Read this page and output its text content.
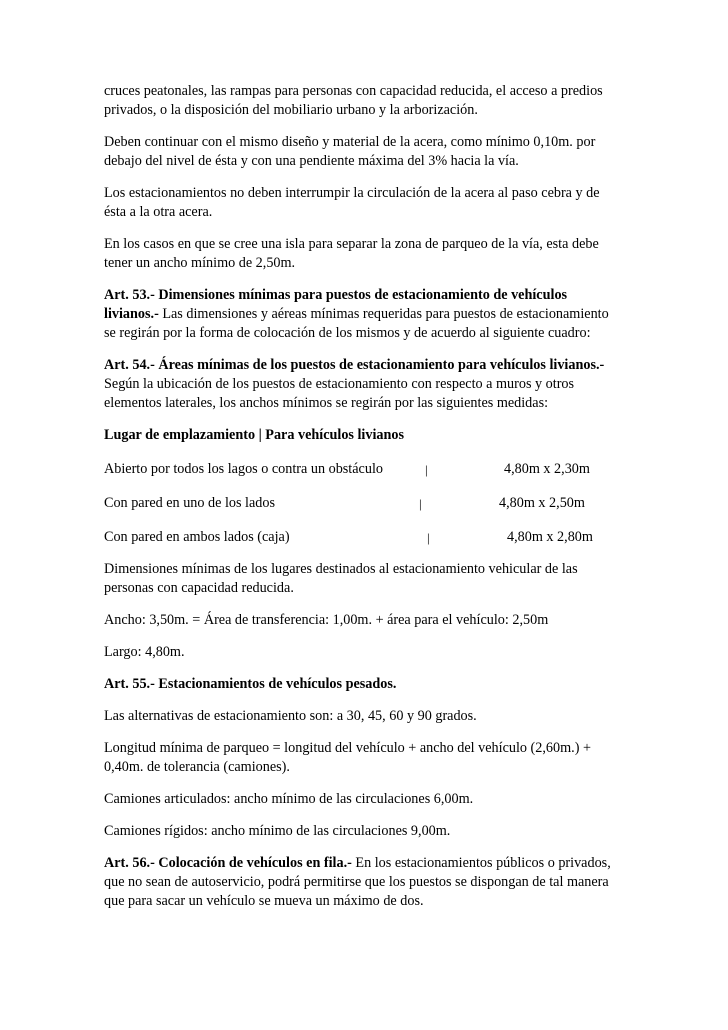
cruces peatonales, las rampas para personas con capacidad reducida, el acceso a predios privados, o la disposición del mobiliario urbano y la arborización.

Deben continuar con el mismo diseño y material de la acera, como mínimo 0,10m. por debajo del nivel de ésta y con una pendiente máxima del 3% hacia la vía.

Los estacionamientos no deben interrumpir la circulación de la acera al paso cebra y de ésta a la otra acera.

En los casos en que se cree una isla para separar la zona de parqueo de la vía, esta debe tener un ancho mínimo de 2,50m.

Art. 53.- Dimensiones mínimas para puestos de estacionamiento de vehículos livianos.- Las dimensiones y aéreas mínimas requeridas para puestos de estacionamiento se regirán por la forma de colocación de los mismos y de acuerdo al siguiente cuadro:

Art. 54.- Áreas mínimas de los puestos de estacionamiento para vehículos livianos.- Según la ubicación de los puestos de estacionamiento con respecto a muros y otros elementos laterales, los anchos mínimos se regirán por las siguientes medidas:

Lugar de emplazamiento | Para vehículos livianos

Abierto por todos los lagos o contra un obstáculo	|	4,80m x 2,30m
Con pared en uno de los lados	|	4,80m x 2,50m
Con pared en ambos lados (caja)	|	4,80m x 2,80m

Dimensiones mínimas de los lugares destinados al estacionamiento vehicular de las personas con capacidad reducida.

Ancho: 3,50m. = Área de transferencia: 1,00m. + área para el vehículo: 2,50m

Largo: 4,80m.

Art. 55.- Estacionamientos de vehículos pesados.

Las alternativas de estacionamiento son: a 30, 45, 60 y 90 grados.

Longitud mínima de parqueo = longitud del vehículo + ancho del vehículo (2,60m.) + 0,40m. de tolerancia (camiones).

Camiones articulados: ancho mínimo de las circulaciones 6,00m.

Camiones rígidos: ancho mínimo de las circulaciones 9,00m.

Art. 56.- Colocación de vehículos en fila.- En los estacionamientos públicos o privados, que no sean de autoservicio, podrá permitirse que los puestos se dispongan de tal manera que para sacar un vehículo se mueva un máximo de dos.
